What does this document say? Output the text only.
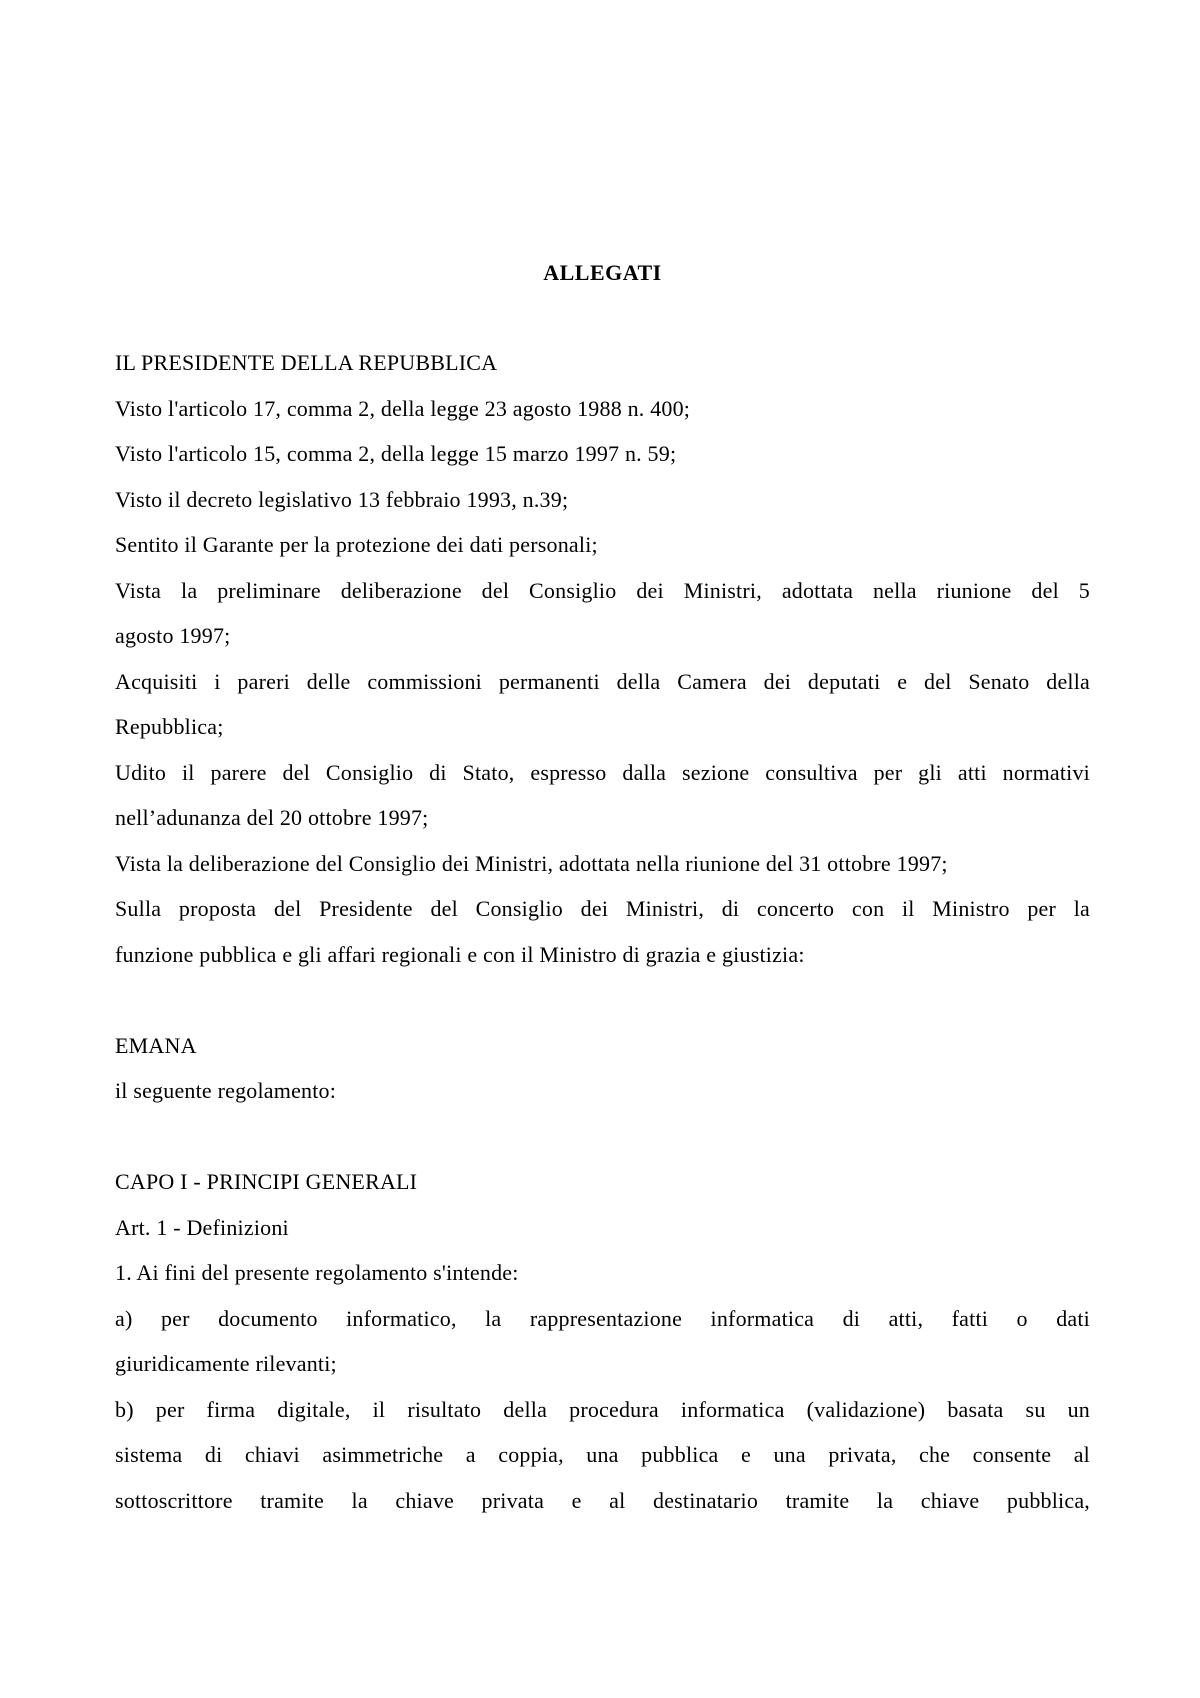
ALLEGATI
IL PRESIDENTE DELLA REPUBBLICA
Visto l'articolo 17, comma 2, della legge 23 agosto 1988 n. 400;
Visto l'articolo 15, comma 2, della legge 15 marzo 1997 n. 59;
Visto il decreto legislativo 13 febbraio 1993, n.39;
Sentito il Garante per la protezione dei dati personali;
Vista la preliminare deliberazione del Consiglio dei Ministri, adottata nella riunione del 5
agosto 1997;
Acquisiti i pareri delle commissioni permanenti della Camera dei deputati e del Senato della
Repubblica;
Udito il parere del Consiglio di Stato, espresso dalla sezione consultiva per gli atti normativi
nell’adunanza del 20 ottobre 1997;
Vista la deliberazione del Consiglio dei Ministri, adottata nella riunione del 31 ottobre 1997;
Sulla proposta del Presidente del Consiglio dei Ministri, di concerto con il Ministro per la
funzione pubblica e gli affari regionali e con il Ministro di grazia e giustizia:
EMANA
il seguente regolamento:
CAPO I - PRINCIPI GENERALI
Art. 1 - Definizioni
1. Ai fini del presente regolamento s'intende:
a) per documento informatico, la rappresentazione informatica di atti, fatti o dati
giuridicamente rilevanti;
b) per firma digitale, il risultato della procedura informatica (validazione) basata su un
sistema di chiavi asimmetriche a coppia, una pubblica e una privata, che consente al
sottoscrittore tramite la chiave privata e al destinatario tramite la chiave pubblica,
